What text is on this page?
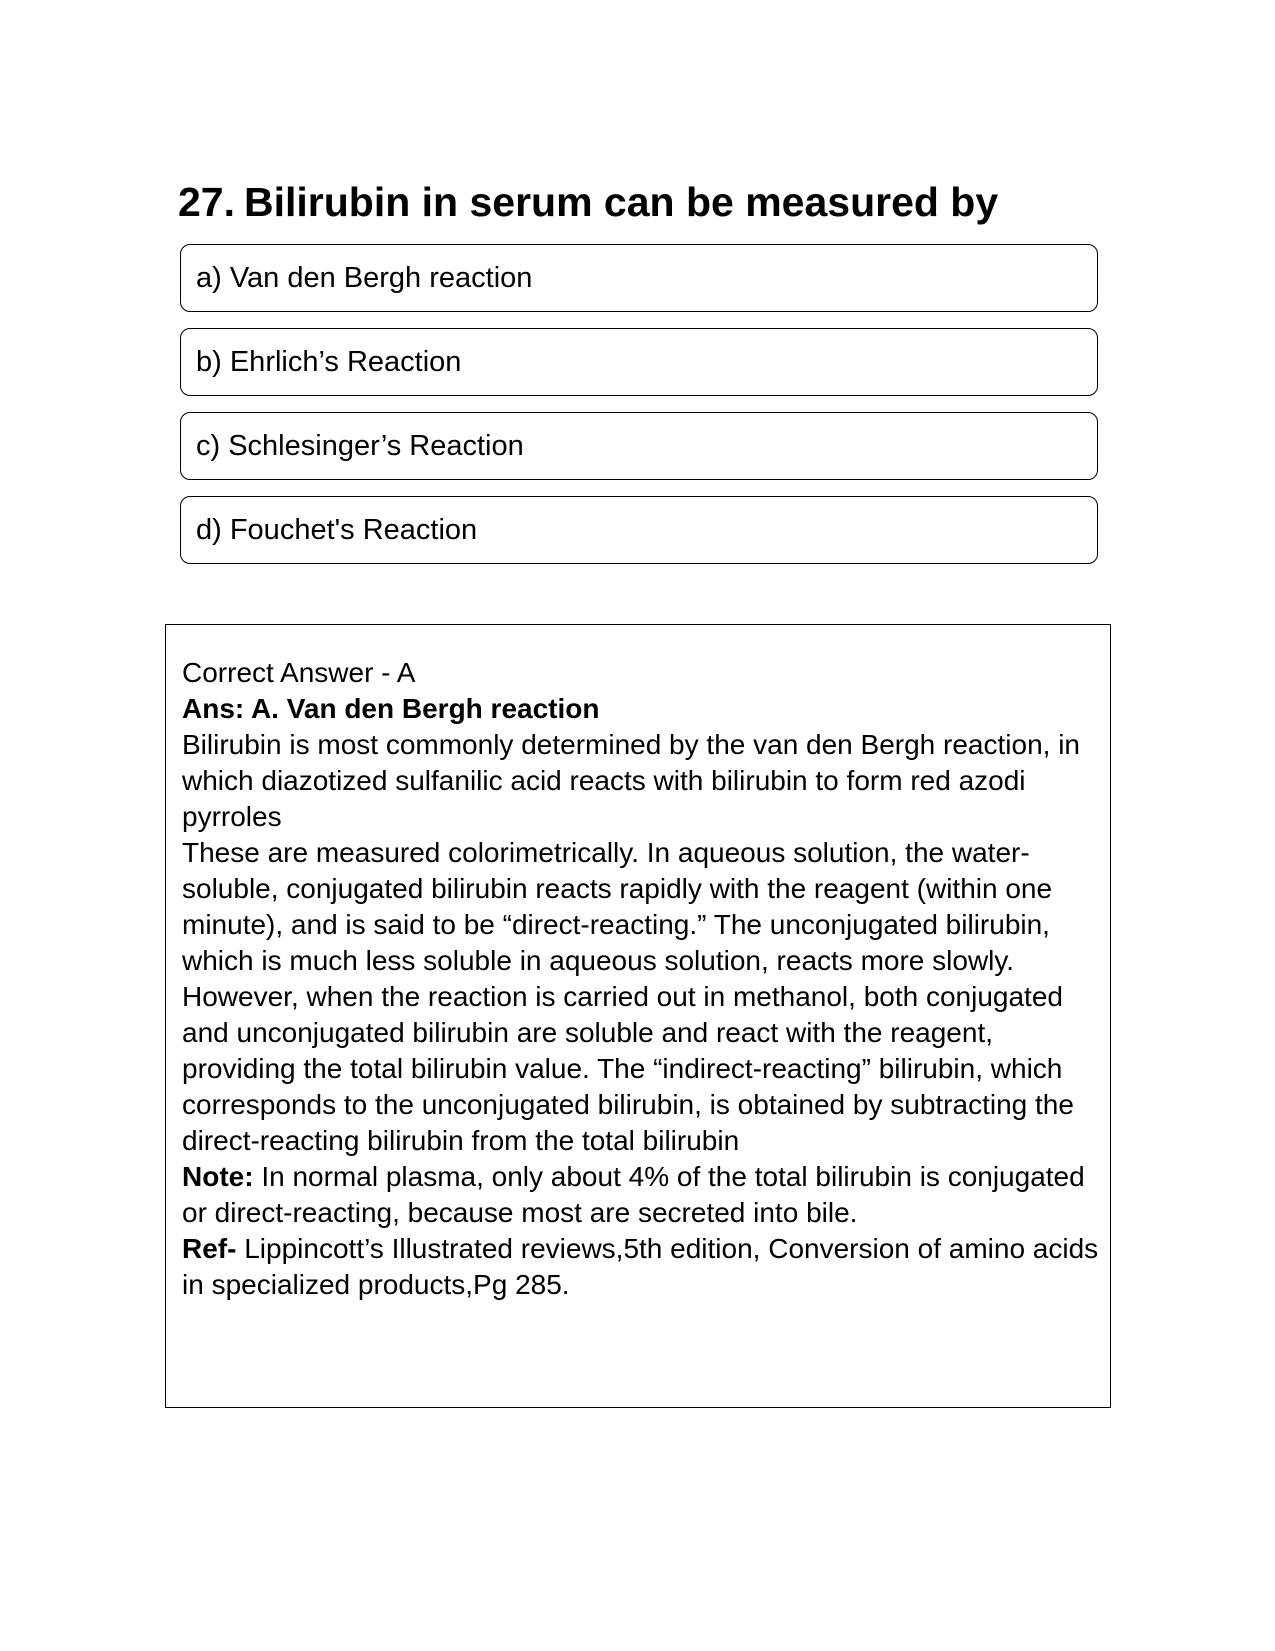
27. Bilirubin in serum can be measured by
a) Van den Bergh reaction
b) Ehrlich’s Reaction
c) Schlesinger’s Reaction
d) Fouchet's Reaction

Correct Answer - A

Ans: A. Van den Bergh reaction

Bilirubin is most commonly determined by the van den Bergh reaction, in which diazotized sulfanilic acid reacts with bilirubin to form red azodi pyrroles

These are measured colorimetrically. In aqueous solution, the water-soluble, conjugated bilirubin reacts rapidly with the reagent (within one minute), and is said to be “direct-reacting.” The unconjugated bilirubin, which is much less soluble in aqueous solution, reacts more slowly.

However, when the reaction is carried out in methanol, both conjugated and unconjugated bilirubin are soluble and react with the reagent, providing the total bilirubin value. The “indirect-reacting” bilirubin, which corresponds to the unconjugated bilirubin, is obtained by subtracting the direct-reacting bilirubin from the total bilirubin

Note: In normal plasma, only about 4% of the total bilirubin is conjugated or direct-reacting, because most are secreted into bile.

Ref- Lippincott’s Illustrated reviews,5th edition, Conversion of amino acids in specialized products,Pg 285.
